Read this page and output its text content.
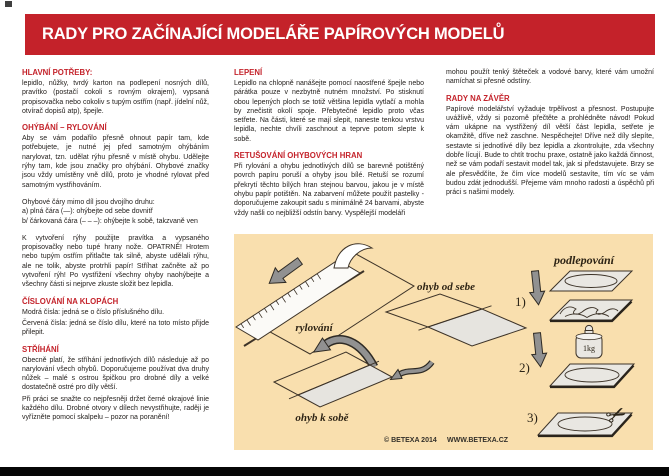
RADY PRO ZAČÍNAJÍCÍ MODELÁŘE PAPÍROVÝCH MODELŮ
HLAVNÍ POTŘEBY:

lepidlo, nůžky, tvrdý karton na podlepení nosných dílů, pravítko (postačí cokoli s rovným okrajem), vypsaná propisovačka nebo cokoliv s tupým ostřím (např. jídelní nůž, otvírač dopisů atp), špejle.

OHÝBÁNÍ – RYLOVÁNÍ

Aby se vám podařilo přesně ohnout papír tam, kde potřebujete, je nutné jej před samotným ohýbáním narylovat, tzn. udělat rýhu přesně v místě ohybu. Udělejte rýhy tam, kde jsou značky pro ohýbání. Ohybové značky jsou vždy umístěny vně dílů, proto je vhodné rylovat před samotným vystřihováním.

Ohybové čáry mimo díl jsou dvojího druhu:
a) plná čára (—): ohýbejte od sebe dovnitř
b/ čárkovaná čára (– – –): ohýbejte k sobě, takzvaně ven

K vytvoření rýhy použijte pravítka a vypsaného propisovačky nebo tupé hrany nože. OPATRNĚ! Hrotem nebo tupým ostřím přitlačte tak silně, abyste udělali rýhu, ale ne tolik, abyste protrhli papír! Stříhat začněte až po vytvoření rýh! Po vystřižení všechny ohyby naohýbejte a všechny části si nejprve zkuste složit bez lepidla.

ČÍSLOVÁNÍ NA KLOPÁCH

Modrá čísla: jedná se o číslo příslušného dílu.

Červená čísla: jedná se číslo dílu, které na toto místo přijde přilepit.

STŘÍHÁNÍ

Obecně platí, že stříhání jednotlivých dílů následuje až po narylování všech ohybů. Doporučujeme používat dva druhy nůžek – malé s ostrou špičkou pro drobné díly a velké dostatečně ostré pro díly větší.

Při práci se snažte co nejpřesněji držet černé okrajové linie každého dílu. Drobné otvory v dílech nevystřihujte, raději je vyřízněte pomocí skalpelu – pozor na poranění!

LEPENÍ

Lepidlo na chlopně nanášejte pomocí naostřené špejle nebo párátka pouze v nezbytně nutném množství. Po stisknutí obou lepených ploch se totiž většina lepidla vytlačí a mohla by znečistit okolí spoje. Přebytečné lepidlo proto včas setřete. Na části, které se mají slepit, naneste tenkou vrstvu lepidla, nechte chvíli zaschnout a teprve potom slepte k sobě.

RETUŠOVÁNÍ OHYBOVÝCH HRAN

Při rylování a ohybu jednotlivých dílů se barevně potištěný povrch papíru poruší a ohyby jsou bílé. Retuší se rozumí překrytí těchto bílých hran stejnou barvou, jakou je v místě ohybu papír potištěn. Na zabarvení můžete použít pastelky - doporučujeme zakoupit sadu s minimálně 24 barvami, abyste vždy našli co nejbližší odstín barvy. Vyspělejší modeláři

mohou použít tenký štěteček a vodové barvy, které vám umožní namíchat si přesné odstíny.

RADY NA ZÁVĚR

Papírové modelářství vyžaduje trpělivost a přesnost. Postupujte uvážlivě, vždy si pozorně přečtěte a prohlédněte návod! Pokud vám ukápne na vystřižený díl větší část lepidla, setřete je okamžitě, dříve než zaschne. Nespěchejte! Dříve než díly slepíte, sestavte si jednotlivé díly bez lepidla a zkontrolujte, zda všechny dobře lícují. Bude to chtít trochu praxe, ostatně jako každá činnost, než se vám podaří sestavit model tak, jak si představujete. Brzy se ale přesvědčíte, že čím více modelů sestavíte, tím víc se vám budou zdát jednodušší. Přejeme vám mnoho radosti a úspěchů při práci s našimi modely.

rylování
ohyb od sebe
ohyb k sobě
© BETEXA 2014 WWW.BETEXA.CZ
podlepování
1)
2)
1kg
3)	✂
